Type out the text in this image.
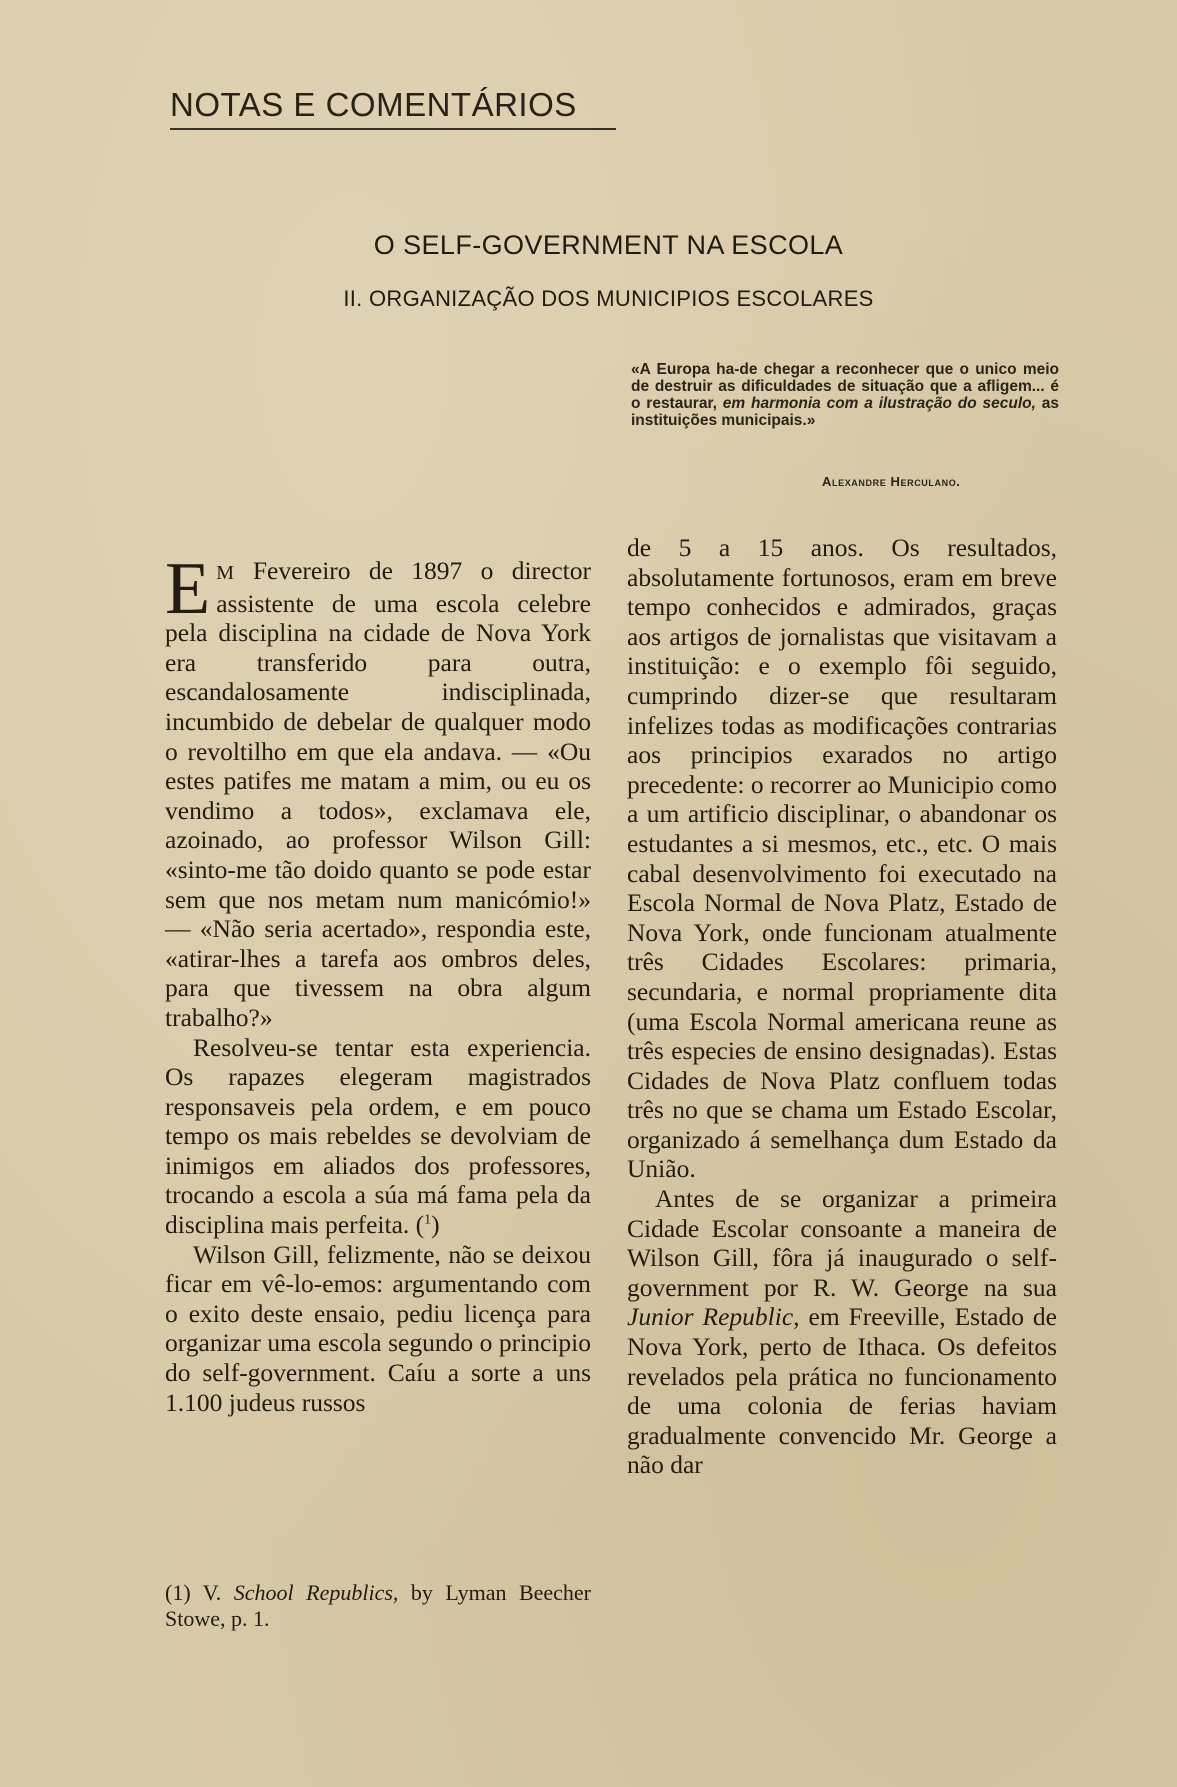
NOTAS E COMENTÁRIOS
O SELF-GOVERNMENT NA ESCOLA
II. ORGANIZAÇÃO DOS MUNICIPIOS ESCOLARES
«A Europa ha-de chegar a reconhecer que o unico meio de destruir as dificuldades de situação que a afligem... é o restaurar, em harmonia com a ilustração do seculo, as instituições municipais.»
Alexandre Herculano.

E M Fevereiro de 1897 o director assistente de uma escola celebre pela disciplina na cidade de Nova York era transferido para outra, escandalosamente indisciplinada, incumbido de debelar de qualquer modo o revoltilho em que ela andava. — «Ou estes patifes me matam a mim, ou eu os vendimo a todos», exclamava ele, azoinado, ao professor Wilson Gill: «sinto-me tão doido quanto se pode estar sem que nos metam num manicómio!» — «Não seria acertado», respondia este, «atirar-lhes a tarefa aos ombros deles, para que tivessem na obra algum trabalho?»

Resolveu-se tentar esta experiencia. Os rapazes elegeram magistrados responsaveis pela ordem, e em pouco tempo os mais rebeldes se devolviam de inimigos em aliados dos professores, trocando a escola a súa má fama pela da disciplina mais perfeita. ($^1$)

Wilson Gill, felizmente, não se deixou ficar em vê-lo-emos: argumentando com o exito deste ensaio, pediu licença para organizar uma escola segundo o principio do self-government. Caíu a sorte a uns 1.100 judeus russos

(1) V. School Republics, by Lyman Beecher Stowe, p. 1.

de 5 a 15 anos. Os resultados, absolutamente fortunosos, eram em breve tempo conhecidos e admirados, graças aos artigos de jornalistas que visitavam a instituição: e o exemplo fôi seguido, cumprindo dizer-se que resultaram infelizes todas as modificações contrarias aos principios exarados no artigo precedente: o recorrer ao Municipio como a um artificio disciplinar, o abandonar os estudantes a si mesmos, etc., etc. O mais cabal desenvolvimento foi executado na Escola Normal de Nova Platz, Estado de Nova York, onde funcionam atualmente três Cidades Escolares: primaria, secundaria, e normal propriamente dita (uma Escola Normal americana reune as três especies de ensino designadas). Estas Cidades de Nova Platz confluem todas três no que se chama um Estado Escolar, organizado á semelhança dum Estado da União.

Antes de se organizar a primeira Cidade Escolar consoante a maneira de Wilson Gill, fôra já inaugurado o self-government por R. W. George na sua Junior Republic, em Freeville, Estado de Nova York, perto de Ithaca. Os defeitos revelados pela prática no funcionamento de uma colonia de ferias haviam gradualmente convencido Mr. George a não dar
